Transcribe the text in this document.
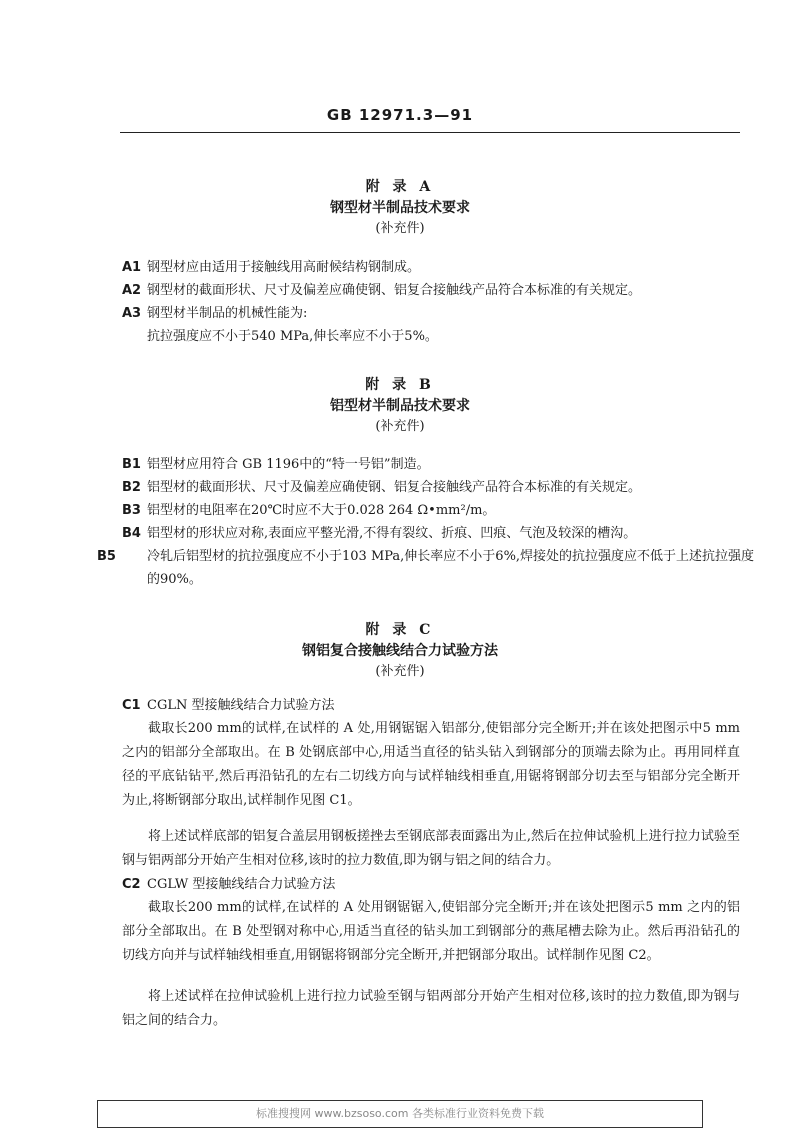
GB 12971.3—91
附 录 A
钢型材半制品技术要求
(补充件)
A1 钢型材应由适用于接触线用高耐候结构钢制成。
A2 钢型材的截面形状、尺寸及偏差应确使钢、铝复合接触线产品符合本标准的有关规定。
A3 钢型材半制品的机械性能为:
抗拉强度应不小于540 MPa,伸长率应不小于5%。
附 录 B
铝型材半制品技术要求
(补充件)
B1 铝型材应用符合 GB 1196中的“特一号铝”制造。
B2 铝型材的截面形状、尺寸及偏差应确使钢、铝复合接触线产品符合本标准的有关规定。
B3 铝型材的电阻率在20℃时应不大于0.028 264 Ω•mm²/m。
B4 铝型材的形状应对称,表面应平整光滑,不得有裂纹、折痕、凹痕、气泡及较深的槽沟。
B5 冷轧后铝型材的抗拉强度应不小于103 MPa,伸长率应不小于6%,焊接处的抗拉强度应不低于上述抗拉强度的90%。
附 录 C
钢铝复合接触线结合力试验方法
(补充件)
C1 CGLN 型接触线结合力试验方法
截取长200 mm的试样,在试样的 A 处,用钢锯锯入铝部分,使铝部分完全断开;并在该处把图示中5 mm之内的铝部分全部取出。在 B 处钢底部中心,用适当直径的钻头钻入到钢部分的顶端去除为止。再用同样直径的平底钻钻平,然后再沿钻孔的左右二切线方向与试样轴线相垂直,用锯将钢部分切去至与铝部分完全断开为止,将断钢部分取出,试样制作见图 C1。
将上述试样底部的铝复合盖层用钢板搓挫去至钢底部表面露出为止,然后在拉伸试验机上进行拉力试验至钢与铝两部分开始产生相对位移,该时的拉力数值,即为钢与铝之间的结合力。
C2 CGLW 型接触线结合力试验方法
截取长200 mm的试样,在试样的 A 处用钢锯锯入,使铝部分完全断开;并在该处把图示5 mm 之内的铝部分全部取出。在 B 处型钢对称中心,用适当直径的钻头加工到钢部分的燕尾槽去除为止。然后再沿钻孔的切线方向并与试样轴线相垂直,用钢锯将钢部分完全断开,并把钢部分取出。试样制作见图 C2。
将上述试样在拉伸试验机上进行拉力试验至钢与铝两部分开始产生相对位移,该时的拉力数值,即为钢与铝之间的结合力。
标准搜搜网 www.bzsoso.com 各类标准行业资料免费下载
